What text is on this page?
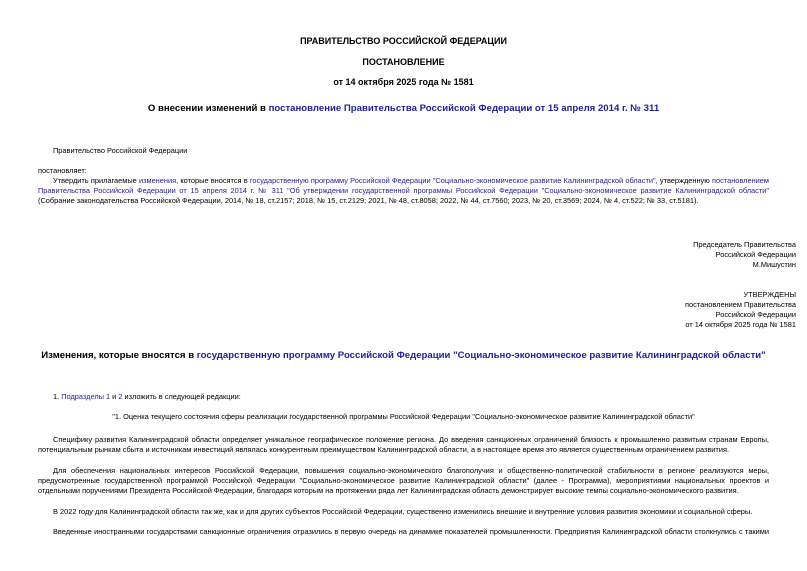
ПРАВИТЕЛЬСТВО РОССИЙСКОЙ ФЕДЕРАЦИИ
ПОСТАНОВЛЕНИЕ
от 14 октября 2025 года № 1581
О внесении изменений в постановление Правительства Российской Федерации от 15 апреля 2014 г. № 311
Правительство Российской Федерации
постановляет:
Утвердить прилагаемые изменения, которые вносятся в государственную программу Российской Федерации "Социально-экономическое развитие Калининградской области", утвержденную постановлением Правительства Российской Федерации от 15 апреля 2014 г. № 311 "Об утверждении государственной программы Российской Федерации "Социально-экономическое развитие Калининградской области" (Собрание законодательства Российской Федерации, 2014, № 18, ст.2157; 2018, № 15, ст.2129; 2021, № 48, ст.8058; 2022, № 44, ст.7560; 2023, № 20, ст.3569; 2024, № 4, ст.522; № 33, ст.5181).
Председатель Правительства
Российской Федерации
М.Мишустин
УТВЕРЖДЕНЫ
постановлением Правительства
Российской Федерации
от 14 октября 2025 года № 1581
Изменения, которые вносятся в государственную программу Российской Федерации "Социально-экономическое развитие Калининградской области"
1. Подразделы 1 и 2 изложить в следующей редакции:
"1. Оценка текущего состояния сферы реализации государственной программы Российской Федерации "Социально-экономическое развитие Калининградской области"
Специфику развития Калининградской области определяет уникальное географическое положение региона. До введения санкционных ограничений близость к промышленно развитым странам Европы, потенциальным рынкам сбыта и источникам инвестиций являлась конкурентным преимуществом Калининградской области, а в настоящее время это является существенным ограничением развития.
Для обеспечения национальных интересов Российской Федерации, повышения социально-экономического благополучия и общественно-политической стабильности в регионе реализуются меры, предусмотренные государственной программой Российской Федерации "Социально-экономическое развитие Калининградской области" (далее - Программа), мероприятиями национальных проектов и отдельными поручениями Президента Российской Федерации, благодаря которым на протяжении ряда лет Калининградская область демонстрирует высокие темпы социально-экономического развития.
В 2022 году для Калининградской области так же, как и для других субъектов Российской Федерации, существенно изменились внешние и внутренние условия развития экономики и социальной сферы.
Введенные иностранными государствами санкционные ограничения отразились в первую очередь на динамике показателей промышленности. Предприятия Калининградской области столкнулись с такими
